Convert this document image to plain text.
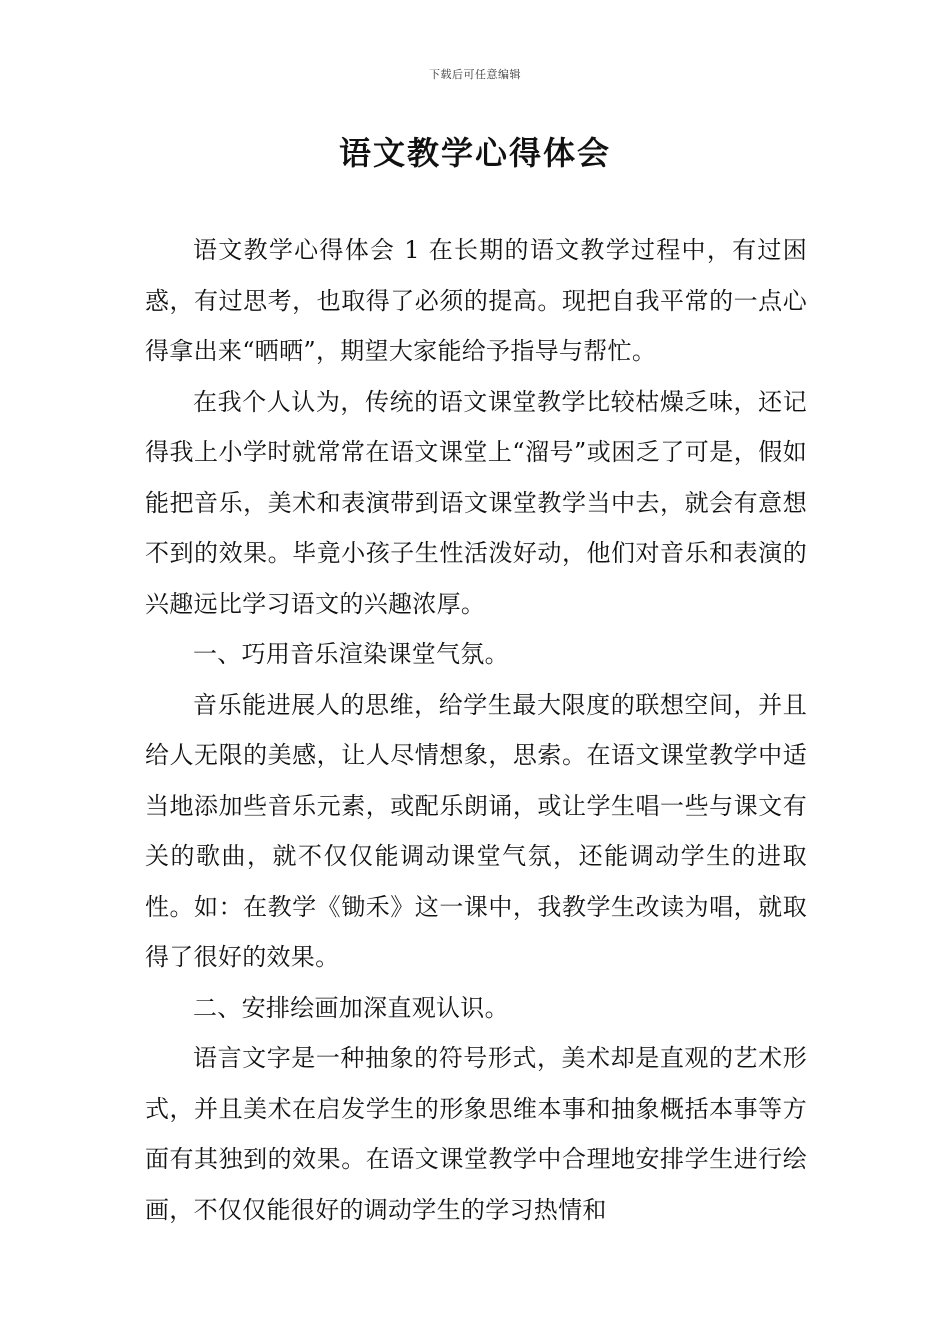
下载后可任意编辑
语文教学心得体会

语文教学心得体会 1 在长期的语文教学过程中，有过困惑，有过思考，也取得了必须的提高。现把自我平常的一点心得拿出来“晒晒”，期望大家能给予指导与帮忙。

在我个人认为，传统的语文课堂教学比较枯燥乏味，还记得我上小学时就常常在语文课堂上“溜号”或困乏了可是，假如能把音乐，美术和表演带到语文课堂教学当中去，就会有意想不到的效果。毕竟小孩子生性活泼好动，他们对音乐和表演的兴趣远比学习语文的兴趣浓厚。

一、巧用音乐渲染课堂气氛。

音乐能进展人的思维，给学生最大限度的联想空间，并且给人无限的美感，让人尽情想象，思索。在语文课堂教学中适当地添加些音乐元素，或配乐朗诵，或让学生唱一些与课文有关的歌曲，就不仅仅能调动课堂气氛，还能调动学生的进取性。如：在教学《锄禾》这一课中，我教学生改读为唱，就取得了很好的效果。

二、安排绘画加深直观认识。

语言文字是一种抽象的符号形式，美术却是直观的艺术形式，并且美术在启发学生的形象思维本事和抽象概括本事等方面有其独到的效果。在语文课堂教学中合理地安排学生进行绘画，不仅仅能很好的调动学生的学习热情和
